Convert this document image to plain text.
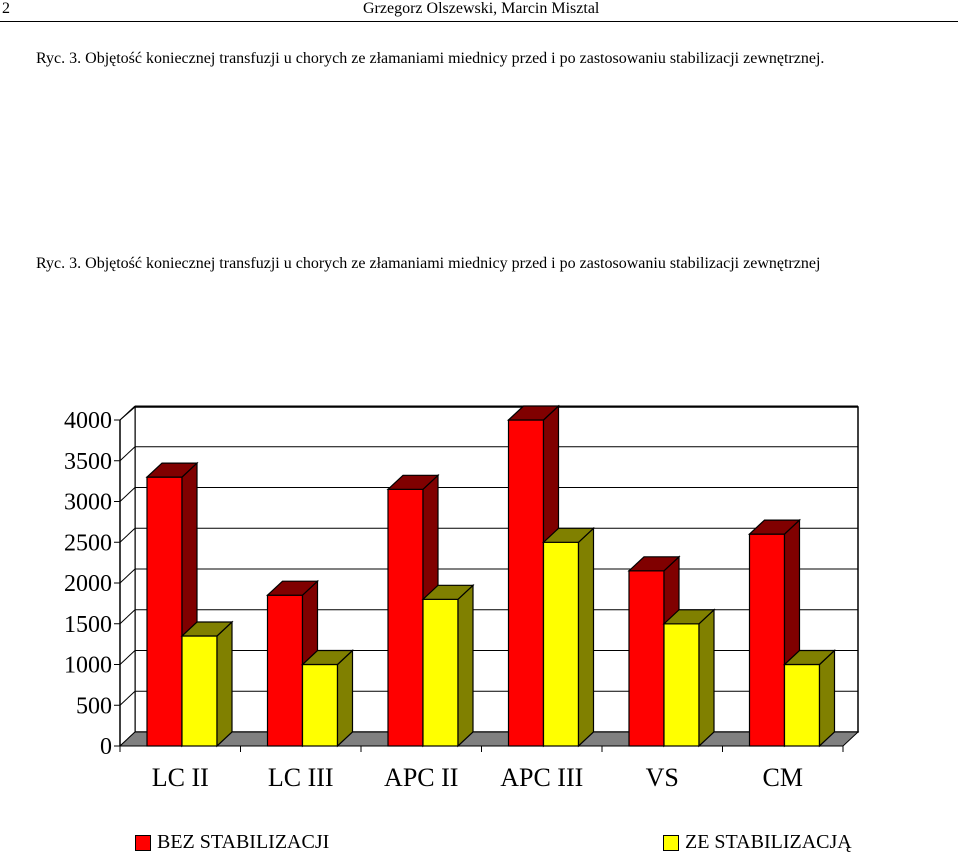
2	Grzegorz Olszewski, Marcin Misztal
Ryc. 3. Objętość koniecznej transfuzji u chorych ze złamaniami miednicy przed i po zastosowaniu stabilizacji zewnętrznej.
Ryc. 3. Objętość koniecznej transfuzji u chorych ze złamaniami miednicy przed i po zastosowaniu stabilizacji zewnętrznej
0
500
1000
1500
2000
2500
3000
3500
4000
LC II LC III APC II APC III VS	CM
BEZ STABILIZACJI	ZE STABILIZACJĄ
